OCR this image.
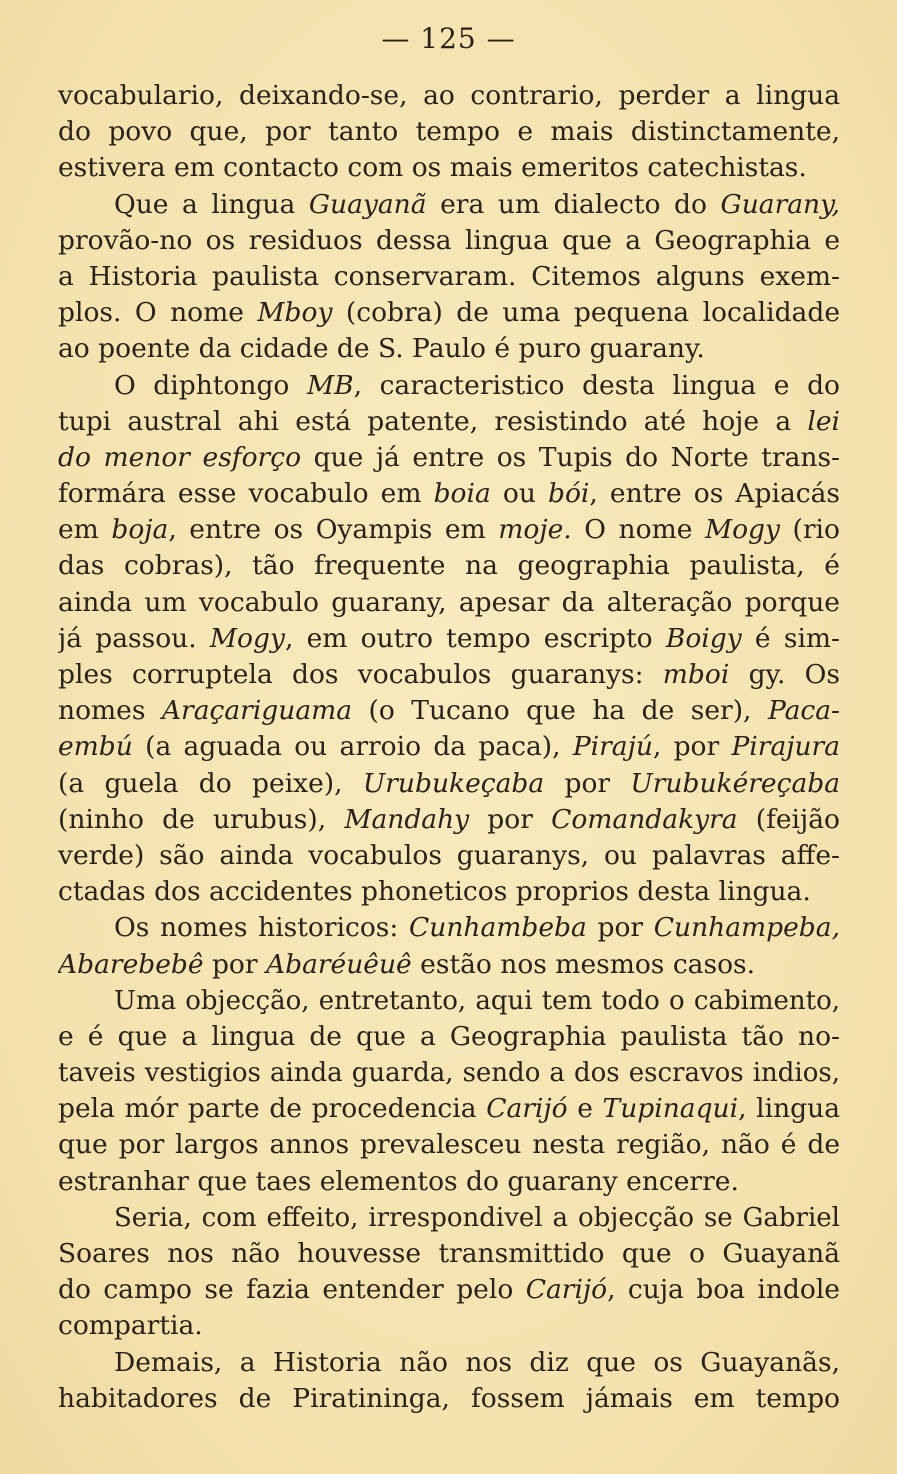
— 125 —
vocabulario, deixando-se, ao contrario, perder a lingua
do povo que, por tanto tempo e mais distinctamente,
estivera em contacto com os mais emeritos catechistas.
Que a lingua Guayanã era um dialecto do Guarany,
provão-no os residuos dessa lingua que a Geographia e
a Historia paulista conservaram. Citemos alguns exem-
plos. O nome Mboy (cobra) de uma pequena localidade
ao poente da cidade de S. Paulo é puro guarany.
O diphtongo MB, caracteristico desta lingua e do
tupi austral ahi está patente, resistindo até hoje a lei
do menor esforço que já entre os Tupis do Norte trans-
formára esse vocabulo em boia ou bói, entre os Apiacás
em boja, entre os Oyampis em moje. O nome Mogy (rio
das cobras), tão frequente na geographia paulista, é
ainda um vocabulo guarany, apesar da alteração porque
já passou. Mogy, em outro tempo escripto Boigy é sim-
ples corruptela dos vocabulos guaranys: mboi gy. Os
nomes Araçariguama (o Tucano que ha de ser), Paca-
embú (a aguada ou arroio da paca), Pirajú, por Pirajura
(a guela do peixe), Urubukeçaba por Urubukéreçaba
(ninho de urubus), Mandahy por Comandakyra (feijão
verde) são ainda vocabulos guaranys, ou palavras affe-
ctadas dos accidentes phoneticos proprios desta lingua.
Os nomes historicos: Cunhambeba por Cunhampeba,
Abarebebê por Abaréuêuê estão nos mesmos casos.
Uma objecção, entretanto, aqui tem todo o cabimento,
e é que a lingua de que a Geographia paulista tão no-
taveis vestigios ainda guarda, sendo a dos escravos indios,
pela mór parte de procedencia Carijó e Tupinaqui, lingua
que por largos annos prevalesceu nesta região, não é de
estranhar que taes elementos do guarany encerre.
Seria, com effeito, irrespondivel a objecção se Gabriel
Soares nos não houvesse transmittido que o Guayanã
do campo se fazia entender pelo Carijó, cuja boa indole
compartia.
Demais, a Historia não nos diz que os Guayanãs,
habitadores de Piratininga, fossem jámais em tempo
